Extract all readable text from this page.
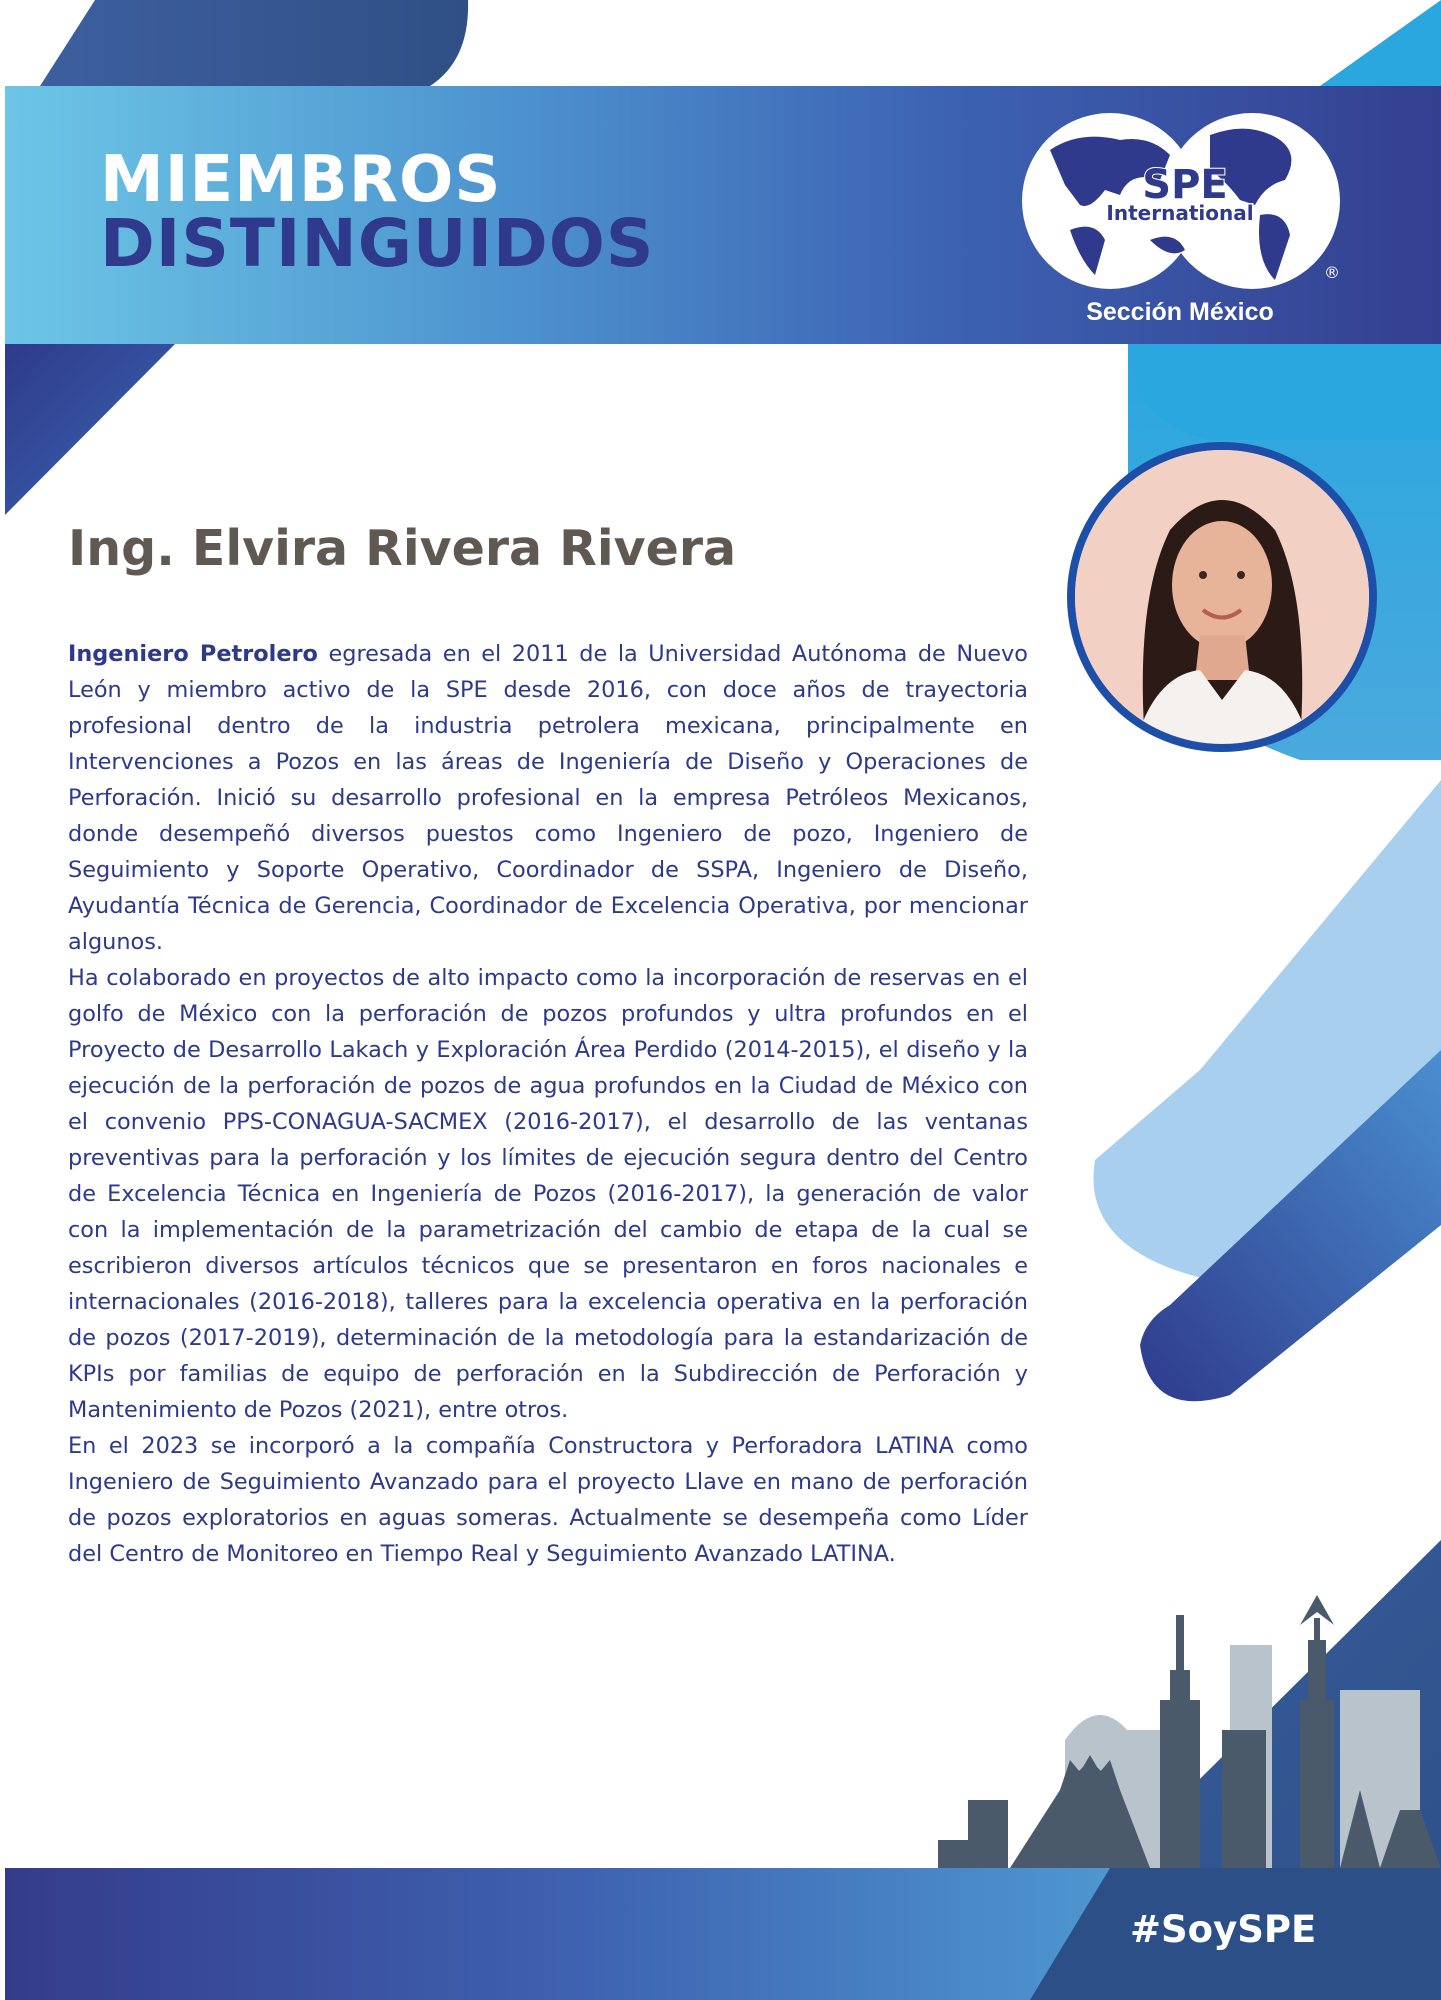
MIEMBROS
DISTINGUIDOS
SPE
International
®
Sección México
Ing. Elvira Rivera Rivera

Ingeniero Petrolero egresada en el 2011 de la Universidad Autónoma de Nuevo León y miembro activo de la SPE desde 2016, con doce años de trayectoria profesional dentro de la industria petrolera mexicana, principalmente en Intervenciones a Pozos en las áreas de Ingeniería de Diseño y Operaciones de Perforación. Inició su desarrollo profesional en la empresa Petróleos Mexicanos, donde desempeñó diversos puestos como Ingeniero de pozo, Ingeniero de Seguimiento y Soporte Operativo, Coordinador de SSPA, Ingeniero de Diseño, Ayudantía Técnica de Gerencia, Coordinador de Excelencia Operativa, por mencionar algunos.

Ha colaborado en proyectos de alto impacto como la incorporación de reservas en el golfo de México con la perforación de pozos profundos y ultra profundos en el Proyecto de Desarrollo Lakach y Exploración Área Perdido (2014-2015), el diseño y la ejecución de la perforación de pozos de agua profundos en la Ciudad de México con el convenio PPS-CONAGUA-SACMEX (2016-2017), el desarrollo de las ventanas preventivas para la perforación y los límites de ejecución segura dentro del Centro de Excelencia Técnica en Ingeniería de Pozos (2016-2017), la generación de valor con la implementación de la parametrización del cambio de etapa de la cual se escribieron diversos artículos técnicos que se presentaron en foros nacionales e internacionales (2016-2018), talleres para la excelencia operativa en la perforación de pozos (2017-2019), determinación de la metodología para la estandarización de KPIs por familias de equipo de perforación en la Subdirección de Perforación y Mantenimiento de Pozos (2021), entre otros.

En el 2023 se incorporó a la compañía Constructora y Perforadora LATINA como Ingeniero de Seguimiento Avanzado para el proyecto Llave en mano de perforación de pozos exploratorios en aguas someras. Actualmente se desempeña como Líder del Centro de Monitoreo en Tiempo Real y Seguimiento Avanzado LATINA.

#SoySPE
